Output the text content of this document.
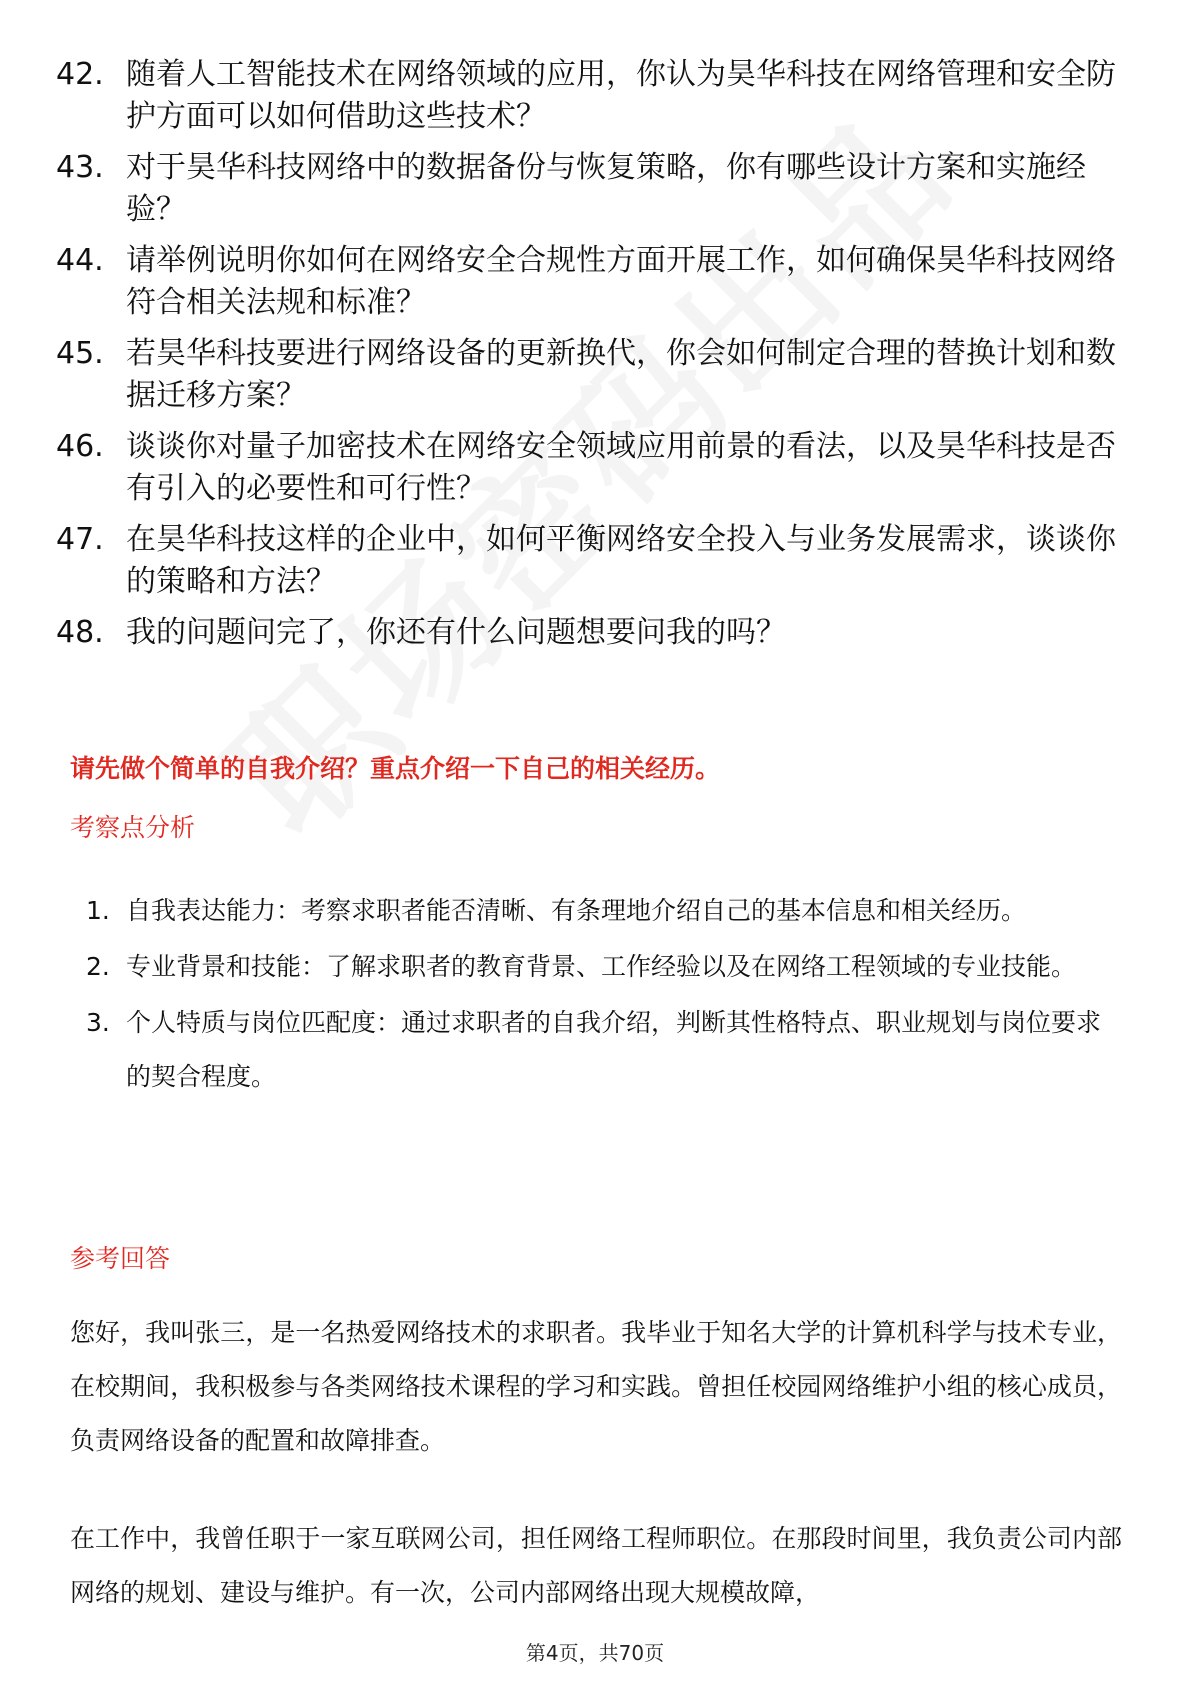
42. 随着人工智能技术在网络领域的应用，你认为昊华科技在网络管理和安全防护方面可以如何借助这些技术？
43. 对于昊华科技网络中的数据备份与恢复策略，你有哪些设计方案和实施经验？
44. 请举例说明你如何在网络安全合规性方面开展工作，如何确保昊华科技网络符合相关法规和标准？
45. 若昊华科技要进行网络设备的更新换代，你会如何制定合理的替换计划和数据迁移方案？
46. 谈谈你对量子加密技术在网络安全领域应用前景的看法，以及昊华科技是否有引入的必要性和可行性？
47. 在昊华科技这样的企业中，如何平衡网络安全投入与业务发展需求，谈谈你的策略和方法？
48. 我的问题问完了，你还有什么问题想要问我的吗？
请先做个简单的自我介绍？重点介绍一下自己的相关经历。
考察点分析
1. 自我表达能力：考察求职者能否清晰、有条理地介绍自己的基本信息和相关经历。
2. 专业背景和技能：了解求职者的教育背景、工作经验以及在网络工程领域的专业技能。
3. 个人特质与岗位匹配度：通过求职者的自我介绍，判断其性格特点、职业规划与岗位要求的契合程度。
参考回答
您好，我叫张三，是一名热爱网络技术的求职者。我毕业于知名大学的计算机科学与技术专业，在校期间，我积极参与各类网络技术课程的学习和实践。曾担任校园网络维护小组的核心成员，负责网络设备的配置和故障排查。
在工作中，我曾任职于一家互联网公司，担任网络工程师职位。在那段时间里，我负责公司内部网络的规划、建设与维护。有一次，公司内部网络出现大规模故障，
第4页，共70页
